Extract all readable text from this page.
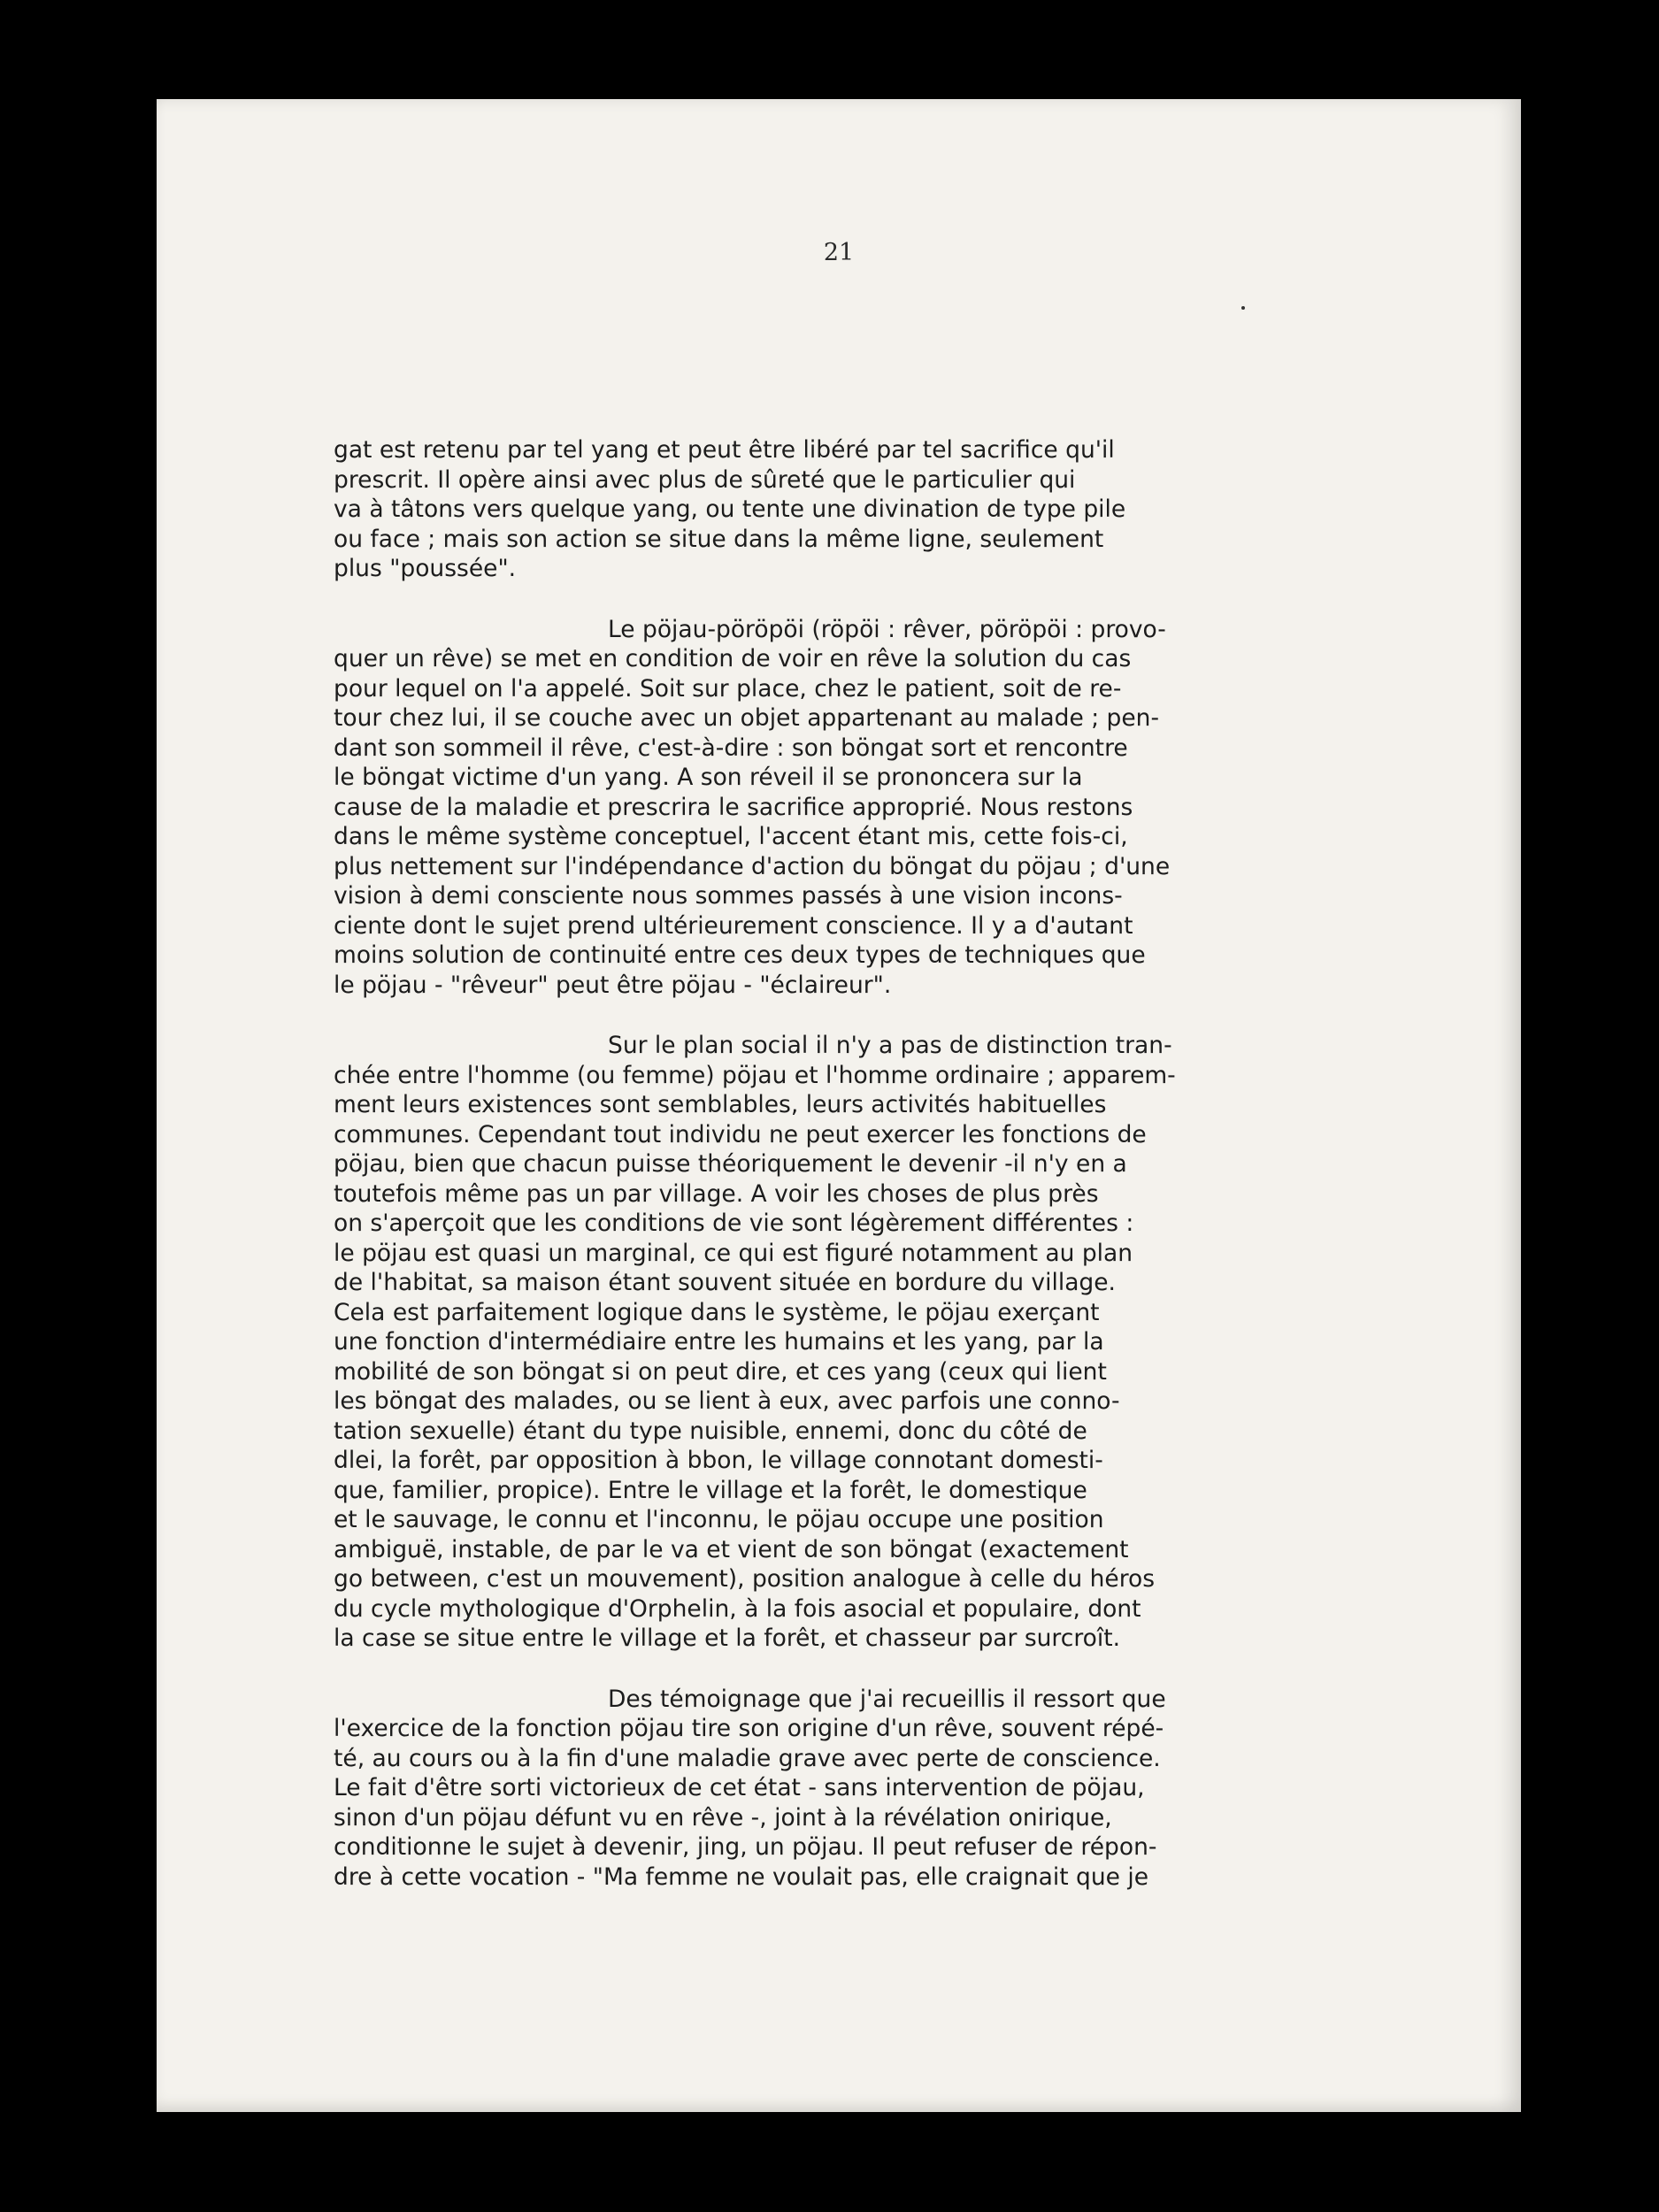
21
gat est retenu par tel yang et peut être libéré par tel sacrifice qu'il
prescrit. Il opère ainsi avec plus de sûreté que le particulier qui
va à tâtons vers quelque yang, ou tente une divination de type pile
ou face ; mais son action se situe dans la même ligne, seulement
plus "poussée".
Le pöjau-pöröpöi (röpöi : rêver, pöröpöi : provo-
quer un rêve) se met en condition de voir en rêve la solution du cas
pour lequel on l'a appelé. Soit sur place, chez le patient, soit de re-
tour chez lui, il se couche avec un objet appartenant au malade ; pen-
dant son sommeil il rêve, c'est-à-dire : son böngat sort et rencontre
le böngat victime d'un yang. A son réveil il se prononcera sur la
cause de la maladie et prescrira le sacrifice approprié. Nous restons
dans le même système conceptuel, l'accent étant mis, cette fois-ci,
plus nettement sur l'indépendance d'action du böngat du pöjau ; d'une
vision à demi consciente nous sommes passés à une vision incons-
ciente dont le sujet prend ultérieurement conscience. Il y a d'autant
moins solution de continuité entre ces deux types de techniques que
le pöjau - "rêveur" peut être pöjau - "éclaireur".
Sur le plan social il n'y a pas de distinction tran-
chée entre l'homme (ou femme) pöjau et l'homme ordinaire ; apparem-
ment leurs existences sont semblables, leurs activités habituelles
communes. Cependant tout individu ne peut exercer les fonctions de
pöjau, bien que chacun puisse théoriquement le devenir -il n'y en a
toutefois même pas un par village. A voir les choses de plus près
on s'aperçoit que les conditions de vie sont légèrement différentes :
le pöjau est quasi un marginal, ce qui est figuré notamment au plan
de l'habitat, sa maison étant souvent située en bordure du village.
Cela est parfaitement logique dans le système, le pöjau exerçant
une fonction d'intermédiaire entre les humains et les yang, par la
mobilité de son böngat si on peut dire, et ces yang (ceux qui lient
les böngat des malades, ou se lient à eux, avec parfois une conno-
tation sexuelle) étant du type nuisible, ennemi, donc du côté de
dlei, la forêt, par opposition à bbon, le village connotant domesti-
que, familier, propice). Entre le village et la forêt, le domestique
et le sauvage, le connu et l'inconnu, le pöjau occupe une position
ambiguë, instable, de par le va et vient de son böngat (exactement
go between, c'est un mouvement), position analogue à celle du héros
du cycle mythologique d'Orphelin, à la fois asocial et populaire, dont
la case se situe entre le village et la forêt, et chasseur par surcroît.
Des témoignage que j'ai recueillis il ressort que
l'exercice de la fonction pöjau tire son origine d'un rêve, souvent répé-
té, au cours ou à la fin d'une maladie grave avec perte de conscience.
Le fait d'être sorti victorieux de cet état - sans intervention de pöjau,
sinon d'un pöjau défunt vu en rêve -, joint à la révélation onirique,
conditionne le sujet à devenir, jing, un pöjau. Il peut refuser de répon-
dre à cette vocation - "Ma femme ne voulait pas, elle craignait que je
